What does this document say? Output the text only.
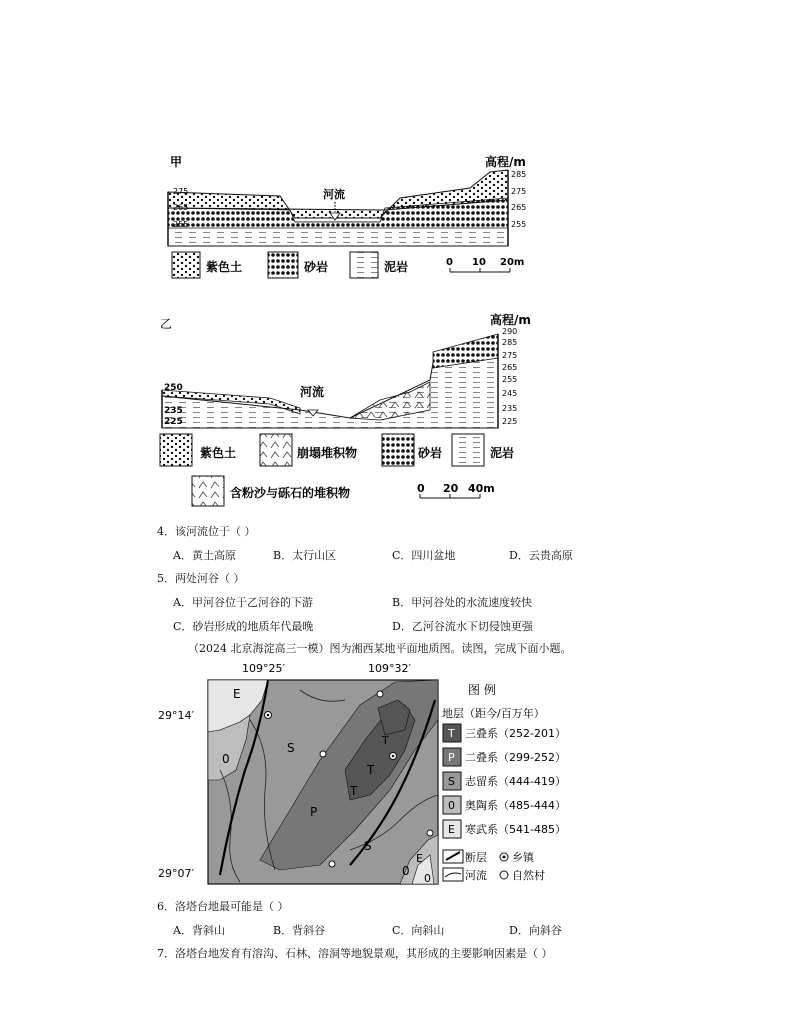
甲	高程/m
河流
275
265
255
285
275
265
255
紫色土	砂岩	泥岩	0 10 20m
乙	高程/m
河流
250
235
225
290
285
275
265
255
245
235
225
紫色土	崩塌堆积物	砂岩	泥岩
含粉沙与砾石的堆积物	0 20 40m
4．该河流位于（ ）
A．黄土高原	B．太行山区	C．四川盆地	D．云贵高原
5．两处河谷（ ）
A．甲河谷位于乙河谷的下游	B．甲河谷处的水流速度较快
C．砂岩形成的地质年代最晚	D．乙河谷流水下切侵蚀更强
（2024 北京海淀高三一模）图为湘西某地平面地质图。读图，完成下面小题。
109°25′	109°32′
29°14′
29°07′
E
S
0
P
T
T
T
S
0
E
0
图 例
地层（距今/百万年）
T 三叠系（252-201）
P 二叠系（299-252）
S 志留系（444-419）
0 奥陶系（485-444）
E 寒武系（541-485）
断层 乡镇
河流 自然村
6．洛塔台地最可能是（ ）
A．背斜山	B．背斜谷	C．向斜山	D．向斜谷
7．洛塔台地发育有溶沟、石林、溶洞等地貌景观，其形成的主要影响因素是（ ）
